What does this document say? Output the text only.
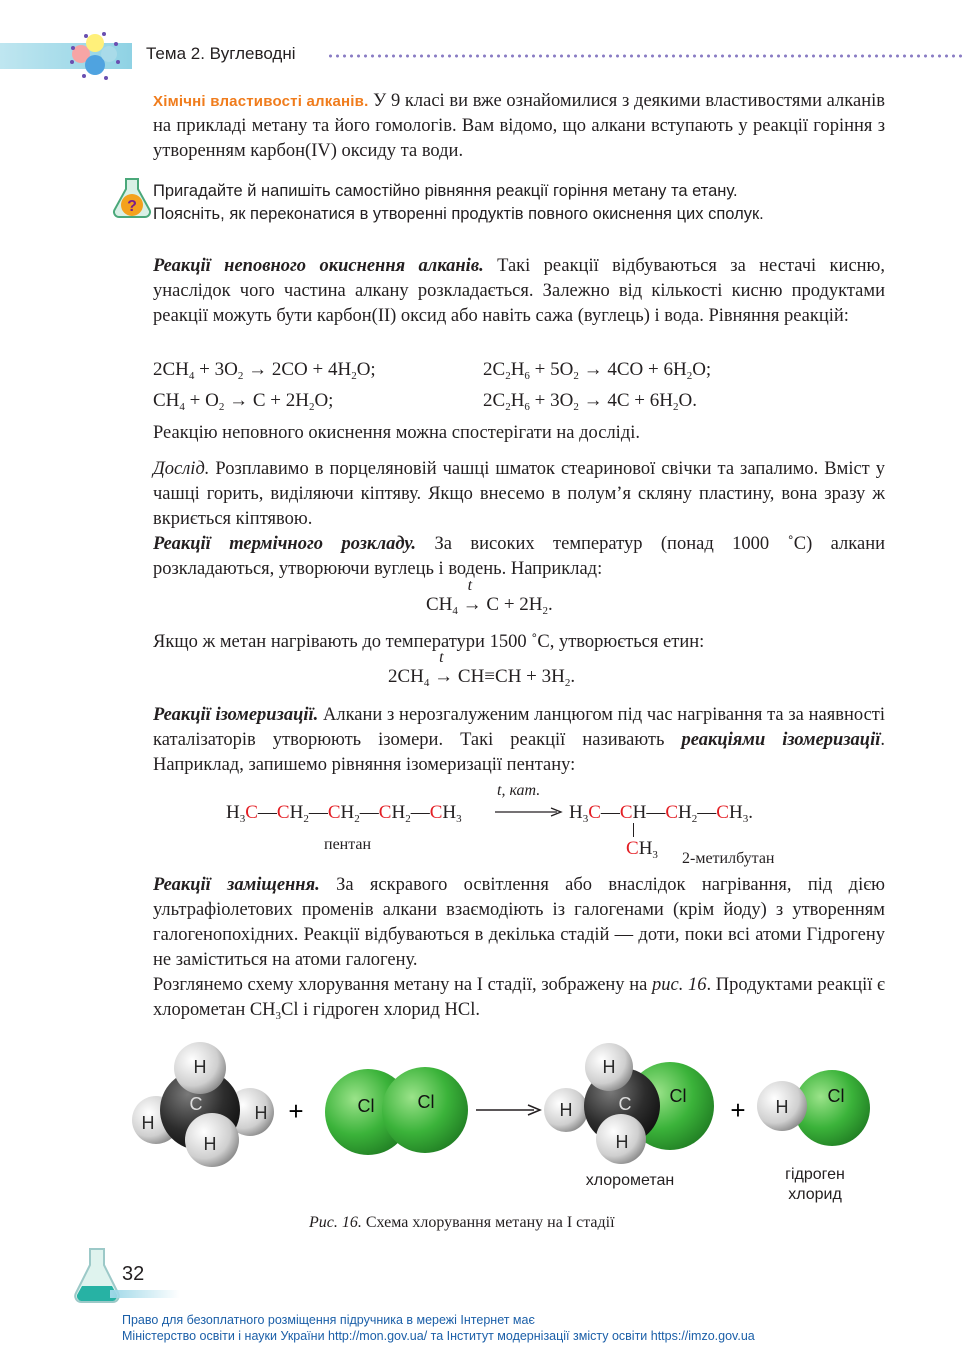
Тема 2. Вуглеводні
Хімічні властивості алканів. У 9 класі ви вже ознайомилися з деякими властивостями алканів на прикладі метану та його гомологів. Вам відомо, що алкани вступають у реакції горіння з утворенням карбон(IV) оксиду та води.
?
Пригадайте й напишіть самостійно рівняння реакції горіння метану та етану.
Поясніть, як переконатися в утворенні продуктів повного окиснення цих сполук.
Реакції неповного окиснення алканів. Такі реакції відбуваються за нестачі кисню, унаслідок чого частина алкану розкладається. Залежно від кількості кисню продуктами реакції можуть бути карбон(ІІ) оксид або навіть сажа (вуглець) і вода. Рівняння реакцій:
$2CH_4 + 3O_2 \to 2CO + 4H_2O$;	$2C_2H_6 + 5O_2 \to 4CO + 6H_2O$;
$CH_4 + O_2 \to C + 2H_2O$;	$2C_2H_6 + 3O_2 \to 4C + 6H_2O$.
Реакцію неповного окиснення можна спостерігати на досліді.
Дослід. Розплавимо в порцеляновій чашці шматок стеаринової свічки та запалимо. Вміст у чашці горить, виділяючи кіптяву. Якщо внесемо в полум’я скляну пластину, вона зразу ж вкриється кіптявою.
Реакції термічного розкладу. За високих температур (понад 1000 ˚С) алкани розкладаються, утворюючи вуглець і водень. Наприклад:
$CH_4$ →
t
$C + 2H_2$.
Якщо ж метан нагрівають до температури 1500 ˚С, утворюється етин:
$2CH_4$ →
t
$CH\equiv CH + 3H_2$.
Реакції ізомеризації. Алкани з нерозгалуженим ланцюгом під час нагрівання та за наявності каталізаторів утворюють ізомери. Такі реакції називають реакціями ізомеризації. Наприклад, запишемо рівняння ізомеризації пентану:
$H_3C—CH_2—CH_2—CH_2—CH_3$
t, кат.
$H_3C—CH—CH_2—CH_3$.
$CH_3$
пентан
2-метилбутан
Реакції заміщення. За яскравого освітлення або внаслідок нагрівання, під дією ультрафіолетових променів алкани взаємодіють із галогенами (крім йоду) з утворенням галогенопохідних. Реакції відбуваються в декілька стадій — доти, поки всі атоми Гідрогену не заміститься на атоми галогену.
Розглянемо схему хлорування метану на І стадії, зображену на рис. 16. Продуктами реакції є хлорометан $CH_3Cl$ і гідроген хлорид HCl.
H
H	H
H
C	+	Cl Cl
H
H
H
C Cl + H
Cl
хлорометан	гідроген
хлорид
Рис. 16. Схема хлорування метану на І стадії
32
Право для безоплатного розміщення підручника в мережі Інтернет має
Міністерство освіти і науки України http://mon.gov.ua/ та Інститут модернізації змісту освіти https://imzo.gov.ua
